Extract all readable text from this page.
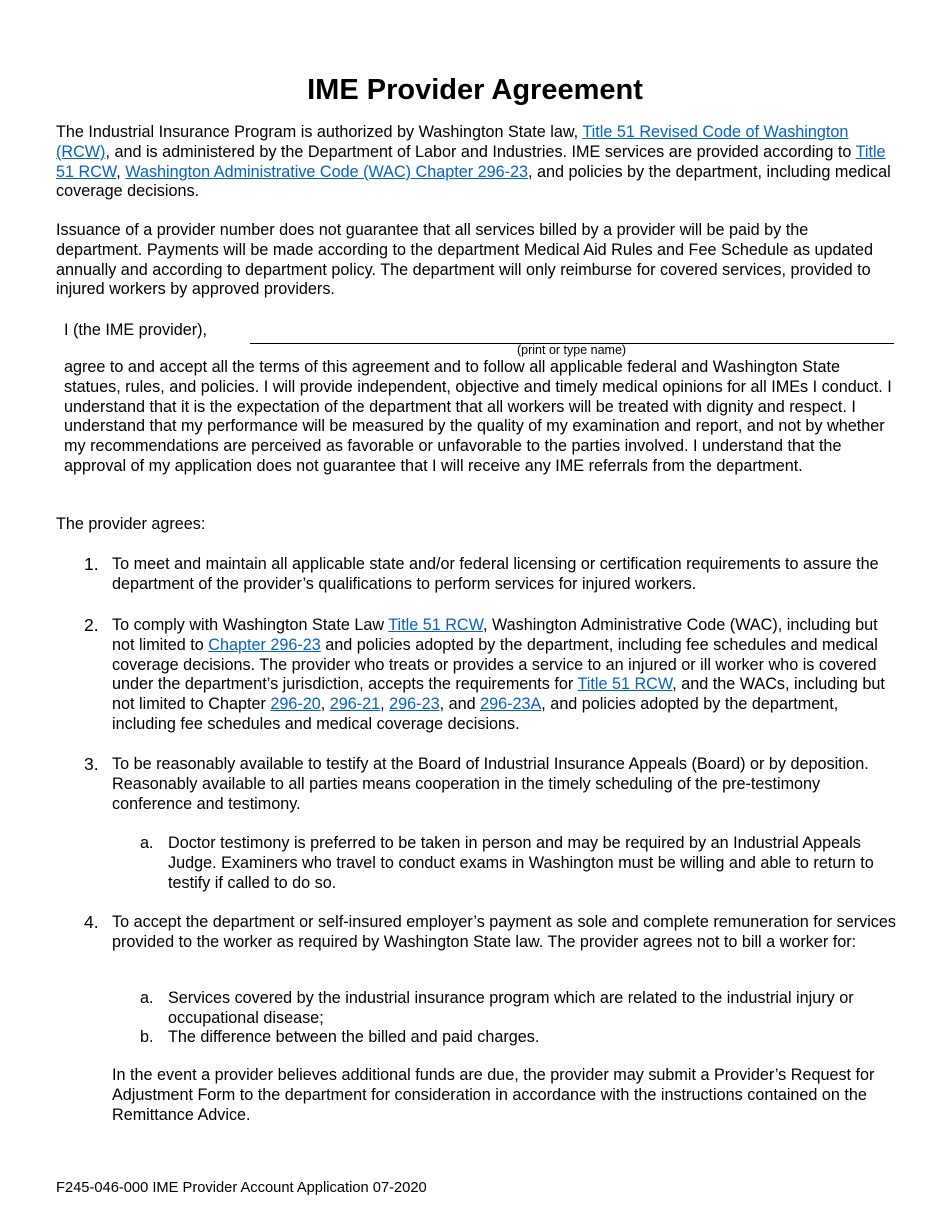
IME Provider Agreement
The Industrial Insurance Program is authorized by Washington State law, Title 51 Revised Code of Washington (RCW), and is administered by the Department of Labor and Industries. IME services are provided according to Title 51 RCW, Washington Administrative Code (WAC) Chapter 296-23, and policies by the department, including medical coverage decisions.
Issuance of a provider number does not guarantee that all services billed by a provider will be paid by the department. Payments will be made according to the department Medical Aid Rules and Fee Schedule as updated annually and according to department policy. The department will only reimburse for covered services, provided to injured workers by approved providers.
I (the IME provider),
(print or type name)
agree to and accept all the terms of this agreement and to follow all applicable federal and Washington State statues, rules, and policies. I will provide independent, objective and timely medical opinions for all IMEs I conduct. I understand that it is the expectation of the department that all workers will be treated with dignity and respect. I understand that my performance will be measured by the quality of my examination and report, and not by whether my recommendations are perceived as favorable or unfavorable to the parties involved. I understand that the approval of my application does not guarantee that I will receive any IME referrals from the department.
The provider agrees:
1. To meet and maintain all applicable state and/or federal licensing or certification requirements to assure the department of the provider’s qualifications to perform services for injured workers.
2. To comply with Washington State Law Title 51 RCW, Washington Administrative Code (WAC), including but not limited to Chapter 296-23 and policies adopted by the department, including fee schedules and medical coverage decisions. The provider who treats or provides a service to an injured or ill worker who is covered under the department’s jurisdiction, accepts the requirements for Title 51 RCW, and the WACs, including but not limited to Chapter 296-20, 296-21, 296-23, and 296-23A, and policies adopted by the department, including fee schedules and medical coverage decisions.
3. To be reasonably available to testify at the Board of Industrial Insurance Appeals (Board) or by deposition. Reasonably available to all parties means cooperation in the timely scheduling of the pre-testimony conference and testimony.
a. Doctor testimony is preferred to be taken in person and may be required by an Industrial Appeals Judge. Examiners who travel to conduct exams in Washington must be willing and able to return to testify if called to do so.
4. To accept the department or self-insured employer’s payment as sole and complete remuneration for services provided to the worker as required by Washington State law. The provider agrees not to bill a worker for:
a. Services covered by the industrial insurance program which are related to the industrial injury or occupational disease;
b. The difference between the billed and paid charges.
In the event a provider believes additional funds are due, the provider may submit a Provider’s Request for Adjustment Form to the department for consideration in accordance with the instructions contained on the Remittance Advice.
F245-046-000 IME Provider Account Application 07-2020
